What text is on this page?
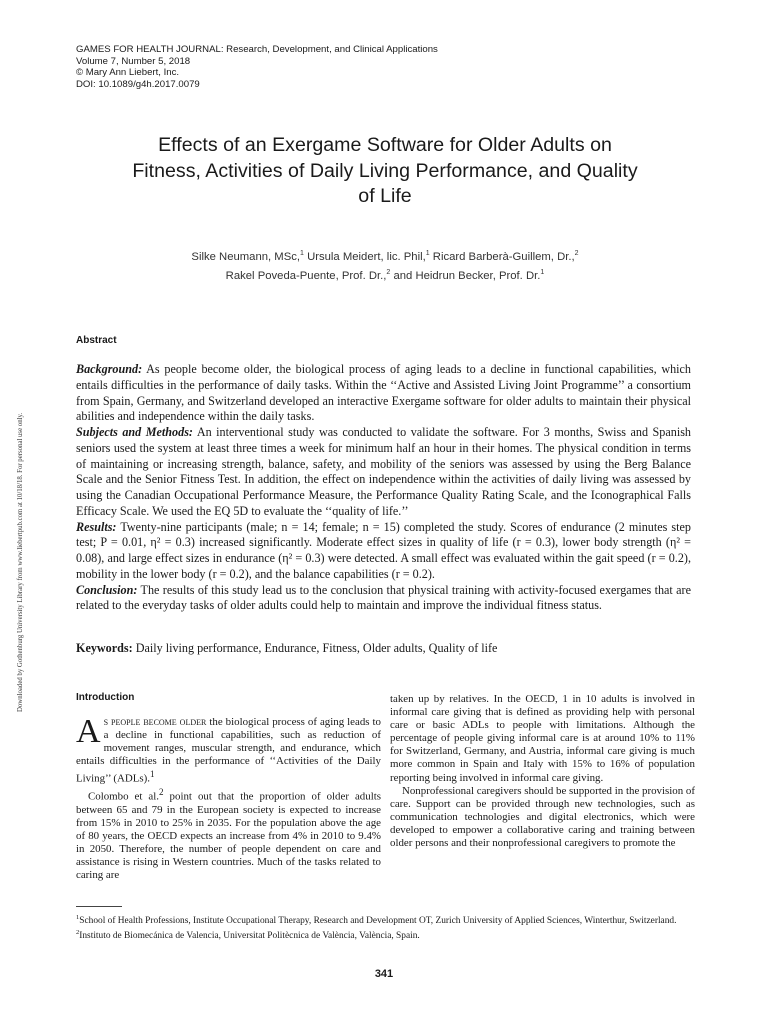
GAMES FOR HEALTH JOURNAL: Research, Development, and Clinical Applications
Volume 7, Number 5, 2018
© Mary Ann Liebert, Inc.
DOI: 10.1089/g4h.2017.0079
Downloaded by Gothenburg University Library from www.liebertpub.com at 10/18/18. For personal use only.
Effects of an Exergame Software for Older Adults on Fitness, Activities of Daily Living Performance, and Quality of Life
Silke Neumann, MSc,$^1$ Ursula Meidert, lic. Phil,$^1$ Ricard Barberà-Guillem, Dr.,$^2$
Rakel Poveda-Puente, Prof. Dr.,$^2$ and Heidrun Becker, Prof. Dr.$^1$
Abstract

Background: As people become older, the biological process of aging leads to a decline in functional capabilities, which entails difficulties in the performance of daily tasks. Within the ‘‘Active and Assisted Living Joint Programme’’ a consortium from Spain, Germany, and Switzerland developed an interactive Exergame software for older adults to maintain their physical abilities and independence within the daily tasks.

Subjects and Methods: An interventional study was conducted to validate the software. For 3 months, Swiss and Spanish seniors used the system at least three times a week for minimum half an hour in their homes. The physical condition in terms of maintaining or increasing strength, balance, safety, and mobility of the seniors was assessed by using the Berg Balance Scale and the Senior Fitness Test. In addition, the effect on independence within the activities of daily living was assessed by using the Canadian Occupational Performance Measure, the Performance Quality Rating Scale, and the Iconographical Falls Efficacy Scale. We used the EQ 5D to evaluate the ‘‘quality of life.’’

Results: Twenty-nine participants (male; n = 14; female; n = 15) completed the study. Scores of endurance (2 minutes step test; P = 0.01, η² = 0.3) increased significantly. Moderate effect sizes in quality of life (r = 0.3), lower body strength (η² = 0.08), and large effect sizes in endurance (η² = 0.3) were detected. A small effect was evaluated within the gait speed (r = 0.2), mobility in the lower body (r = 0.2), and the balance capabilities (r = 0.2).

Conclusion: The results of this study lead us to the conclusion that physical training with activity-focused exergames that are related to the everyday tasks of older adults could help to maintain and improve the individual fitness status.

Keywords: Daily living performance, Endurance, Fitness, Older adults, Quality of life
Introduction

As people become older the biological process of aging leads to a decline in functional capabilities, such as reduction of movement ranges, muscular strength, and endurance, which entails difficulties in the performance of ‘‘Activities of the Daily Living’’ (ADLs).$^1$

Colombo et al.$^2$ point out that the proportion of older adults between 65 and 79 in the European society is expected to increase from 15% in 2010 to 25% in 2035. For the population above the age of 80 years, the OECD expects an increase from 4% in 2010 to 9.4% in 2050. Therefore, the number of people dependent on care and assistance is rising in Western countries. Much of the tasks related to caring are

taken up by relatives. In the OECD, 1 in 10 adults is involved in informal care giving that is defined as providing help with personal care or basic ADLs to people with limitations. Although the percentage of people giving informal care is at around 10% to 11% for Switzerland, Germany, and Austria, informal care giving is much more common in Spain and Italy with 15% to 16% of population reporting being involved in informal care giving.

Nonprofessional caregivers should be supported in the provision of care. Support can be provided through new technologies, such as communication technologies and digital electronics, which were developed to empower a collaborative caring and training between older persons and their nonprofessional caregivers to promote the

$^1$School of Health Professions, Institute Occupational Therapy, Research and Development OT, Zurich University of Applied Sciences, Winterthur, Switzerland.

$^2$Instituto de Biomecánica de Valencia, Universitat Politècnica de València, València, Spain.

341
